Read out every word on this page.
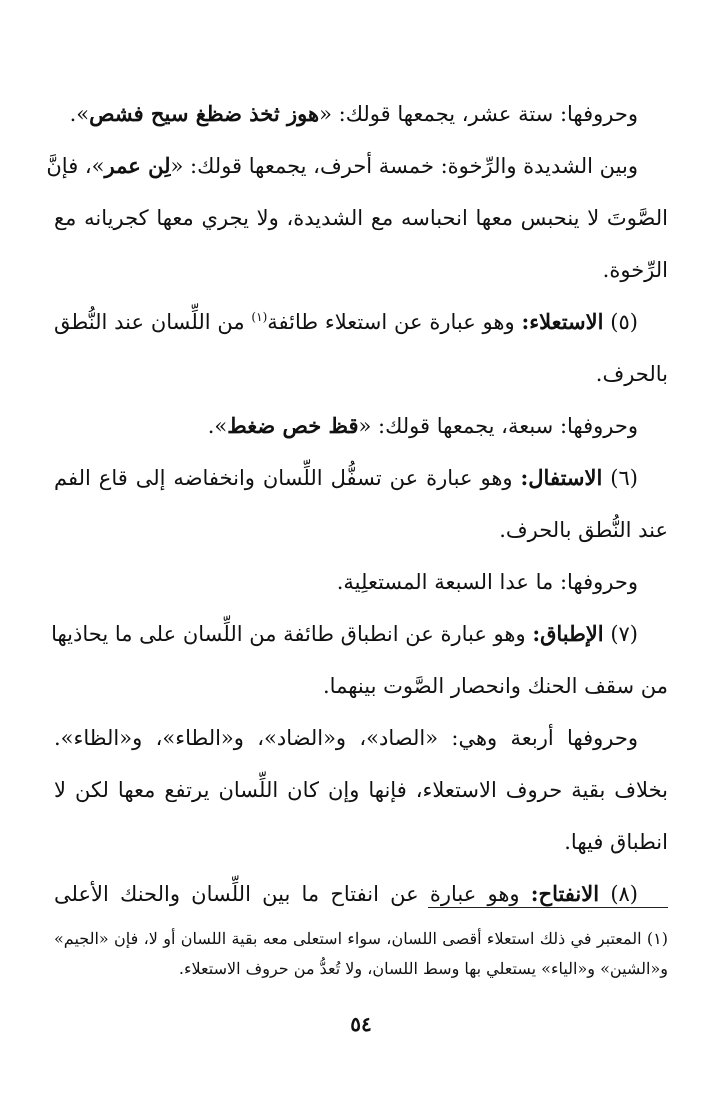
وحروفها: ستة عشر، يجمعها قولك: «هوز ثخذ ضظغ سيح فشص».
وبين الشديدة والرِّخوة: خمسة أحرف، يجمعها قولك: «لِن عمر»، فإنَّ
الصَّوتَ لا ينحبس معها انحباسه مع الشديدة، ولا يجري معها كجريانه مع
الرِّخوة.
(٥) الاستعلاء: وهو عبارة عن استعلاء طائفة$^{(١)}$ من اللِّسان عند النُّطق
بالحرف.
وحروفها: سبعة، يجمعها قولك: «قظ خص ضغط».
(٦) الاستفال: وهو عبارة عن تسفُّل اللِّسان وانخفاضه إلى قاع الفم
عند النُّطق بالحرف.
وحروفها: ما عدا السبعة المستعلِية.
(٧) الإطباق: وهو عبارة عن انطباق طائفة من اللِّسان على ما يحاذيها
من سقف الحنك وانحصار الصَّوت بينهما.
وحروفها أربعة وهي: «الصاد»، و«الضاد»، و«الطاء»، و«الظاء».
بخلاف بقية حروف الاستعلاء، فإنها وإن كان اللِّسان يرتفع معها لكن لا
انطباق فيها.
(٨) الانفتاح: وهو عبارة عن انفتاح ما بين اللِّسان والحنك الأعلى
(١) المعتبر في ذلك استعلاء أقصى اللسان، سواء استعلى معه بقية اللسان أو لا، فإن «الجيم»
و«الشين» و«الياء» يستعلي بها وسط اللسان، ولا تُعدُّ من حروف الاستعلاء.
٥٤
